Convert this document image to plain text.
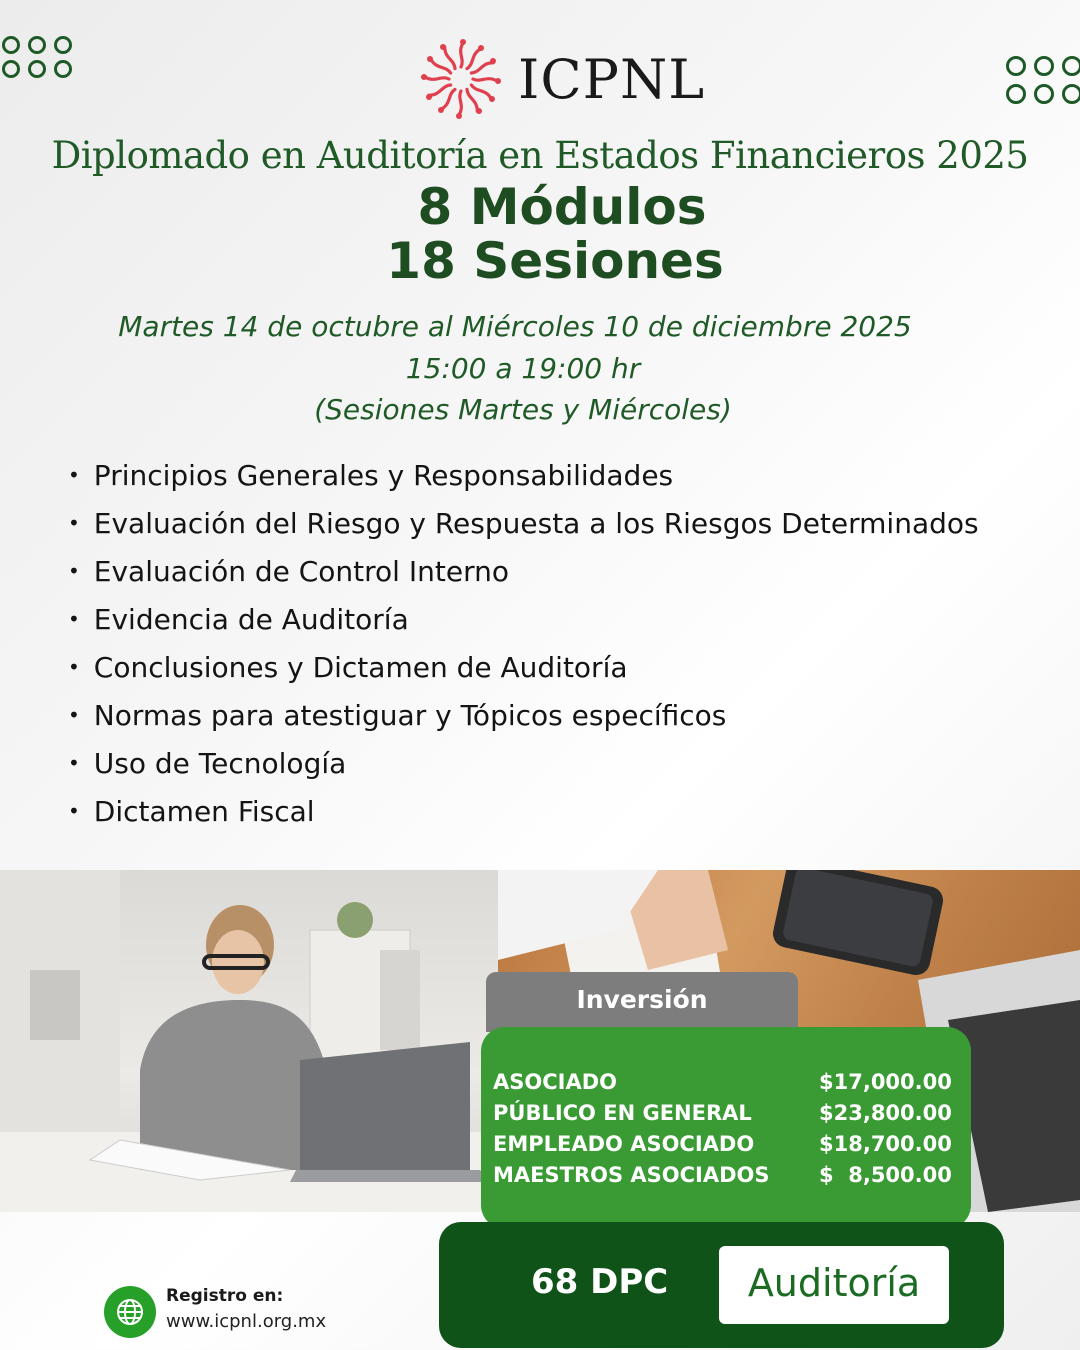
ICPNL
Diplomado en Auditoría en Estados Financieros 2025
8 Módulos
18 Sesiones
Martes 14 de octubre al Miércoles 10 de diciembre 2025
15:00 a 19:00 hr
(Sesiones Martes y Miércoles)
• Principios Generales y Responsabilidades
• Evaluación del Riesgo y Respuesta a los Riesgos Determinados
• Evaluación de Control Interno
• Evidencia de Auditoría
• Conclusiones y Dictamen de Auditoría
• Normas para atestiguar y Tópicos específicos
• Uso de Tecnología
• Dictamen Fiscal
Inversión
ASOCIADO	$17,000.00
PÚBLICO EN GENERAL	$23,800.00
EMPLEADO ASOCIADO	$18,700.00
MAESTROS ASOCIADOS $  8,500.00
68 DPC	Auditoría
Registro en:
www.icpnl.org.mx
